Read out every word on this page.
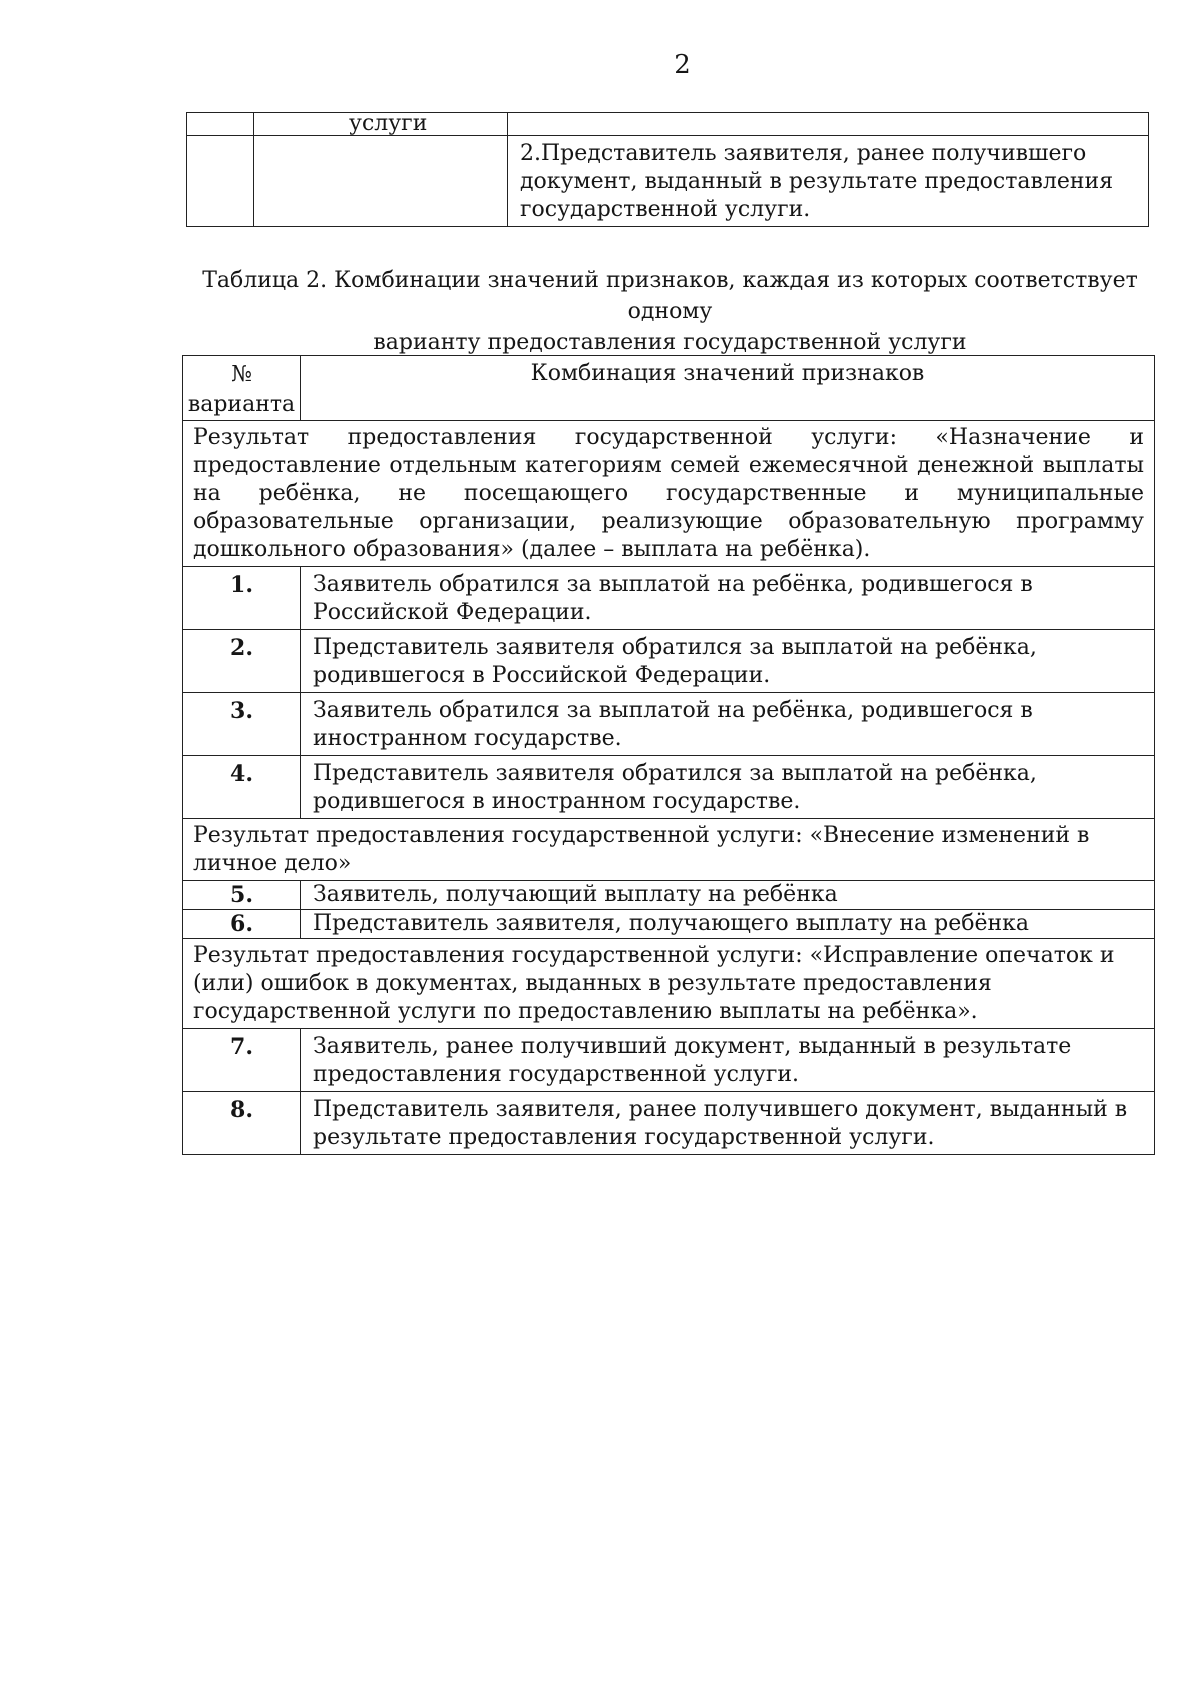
2
	услуги	
		2.Представитель заявителя, ранее получившего документ, выданный в результате предоставления государственной услуги.
Таблица 2. Комбинации значений признаков, каждая из которых соответствует одному
варианту предоставления государственной услуги
№ варианта	Комбинация значений признаков
Результат предоставления государственной услуги: «Назначение и предоставление отдельным категориям семей ежемесячной денежной выплаты на ребёнка, не посещающего государственные и муниципальные образовательные организации, реализующие образовательную программу дошкольного образования» (далее – выплата на ребёнка).	
1.	Заявитель обратился за выплатой на ребёнка, родившегося в Российской Федерации.
2.	Представитель заявителя обратился за выплатой на ребёнка, родившегося в Российской Федерации.
3.	Заявитель обратился за выплатой на ребёнка, родившегося в иностранном государстве.
4.	Представитель заявителя обратился за выплатой на ребёнка, родившегося в иностранном государстве.
Результат предоставления государственной услуги: «Внесение изменений в личное дело»	
5.	Заявитель, получающий выплату на ребёнка
6.	Представитель заявителя, получающего выплату на ребёнка
Результат предоставления государственной услуги: «Исправление опечаток и (или) ошибок в документах, выданных в результате предоставления государственной услуги по предоставлению выплаты на ребёнка».	
7.	Заявитель, ранее получивший документ, выданный в результате предоставления государственной услуги.
8.	Представитель заявителя, ранее получившего документ, выданный в результате предоставления государственной услуги.
